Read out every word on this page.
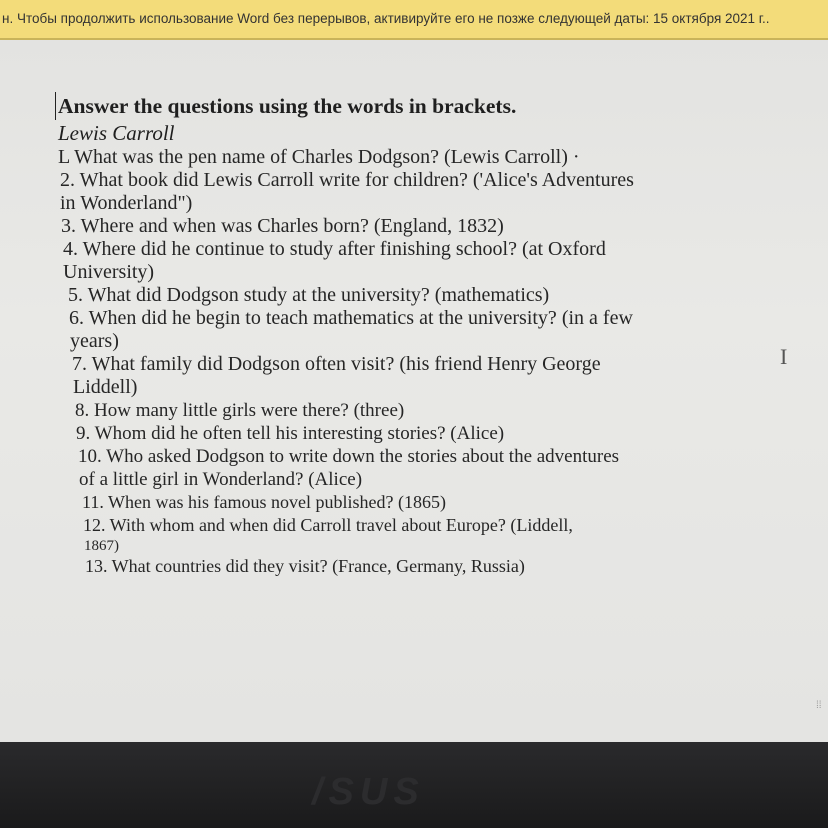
н. Чтобы продолжить использование Word без перерывов, активируйте его не позже следующей даты: 15 октября 2021 г..

Answer the questions using the words in brackets.

Lewis Carroll

L What was the pen name of Charles Dodgson? (Lewis Carroll) ·

2. What book did Lewis Carroll write for children? ('Alice's Adventures

in Wonderland")

3. Where and when was Charles born? (England, 1832)

4. Where did he continue to study after finishing school? (at Oxford

University)

5. What did Dodgson study at the university? (mathematics)

6. When did he begin to teach mathematics at the university? (in a few

years)

7. What family did Dodgson often visit? (his friend Henry George

Liddell)

8. How many little girls were there? (three)

9. Whom did he often tell his interesting stories? (Alice)

10. Who asked Dodgson to write down the stories about the adventures

of a little girl in Wonderland? (Alice)

11. When was his famous novel published? (1865)

12. With whom and when did Carroll travel about Europe? (Liddell,

1867)

13. What countries did they visit? (France, Germany, Russia)

I
⁞⁞
/SUS
